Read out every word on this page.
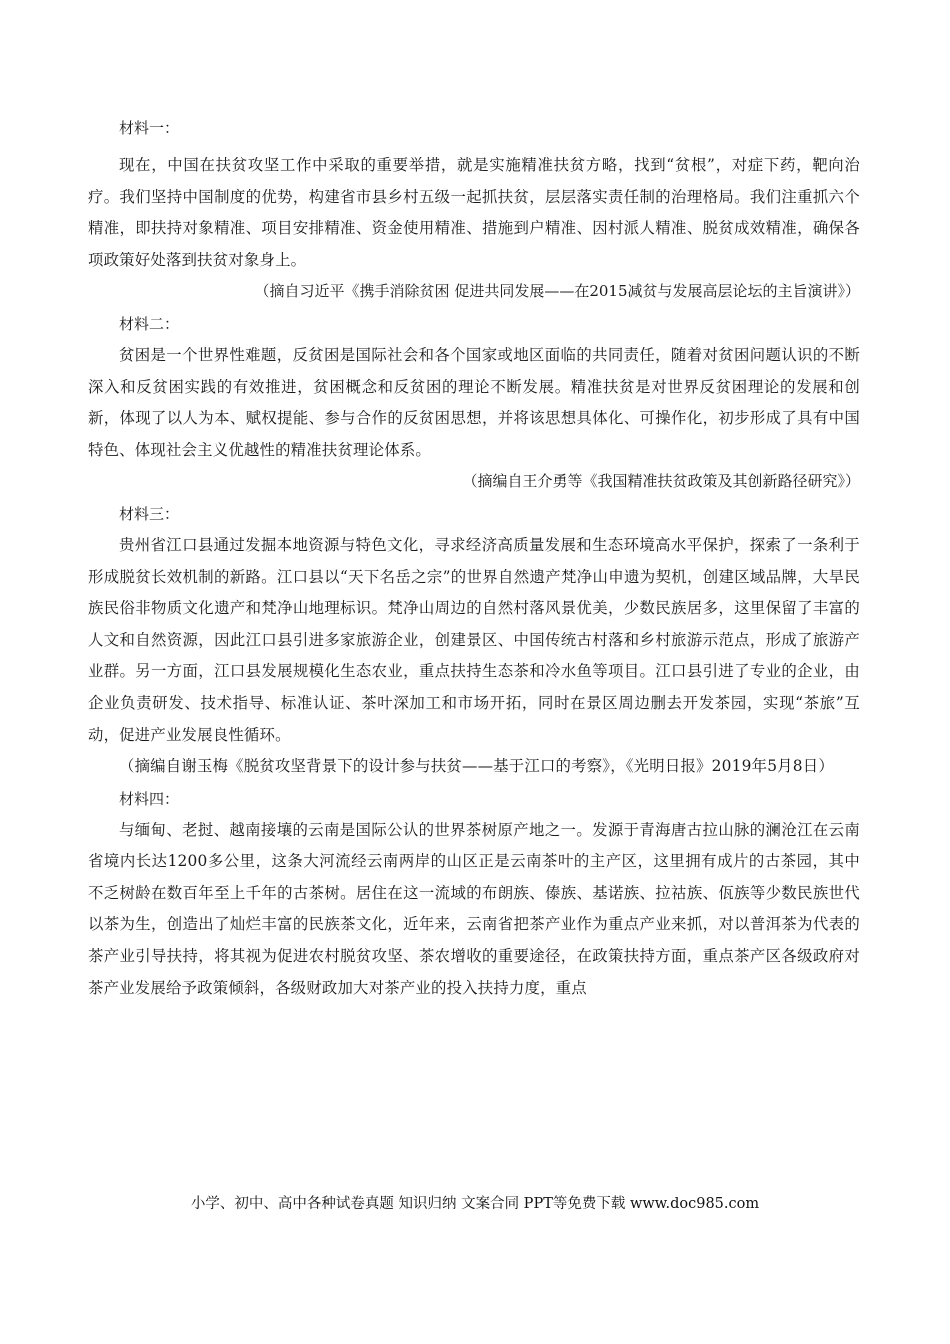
材料一：

现在，中国在扶贫攻坚工作中采取的重要举措，就是实施精准扶贫方略，找到“贫根”，对症下药，靶向治疗。我们坚持中国制度的优势，构建省市县乡村五级一起抓扶贫，层层落实责任制的治理格局。我们注重抓六个精准，即扶持对象精准、项目安排精准、资金使用精准、措施到户精准、因村派人精准、脱贫成效精准，确保各项政策好处落到扶贫对象身上。

（摘自习近平《携手消除贫困 促进共同发展——在2015减贫与发展高层论坛的主旨演讲》）

材料二：

贫困是一个世界性难题，反贫困是国际社会和各个国家或地区面临的共同责任，随着对贫困问题认识的不断深入和反贫困实践的有效推进，贫困概念和反贫困的理论不断发展。精准扶贫是对世界反贫困理论的发展和创新，体现了以人为本、赋权提能、参与合作的反贫困思想，并将该思想具体化、可操作化，初步形成了具有中国特色、体现社会主义优越性的精准扶贫理论体系。

（摘编自王介勇等《我国精准扶贫政策及其创新路径研究》）

材料三：

贵州省江口县通过发掘本地资源与特色文化，寻求经济高质量发展和生态环境高水平保护，探索了一条利于形成脱贫长效机制的新路。江口县以“天下名岳之宗”的世界自然遗产梵净山申遗为契机，创建区域品牌，大旱民族民俗非物质文化遗产和梵净山地理标识。梵净山周边的自然村落风景优美，少数民族居多，这里保留了丰富的人文和自然资源，因此江口县引进多家旅游企业，创建景区、中国传统古村落和乡村旅游示范点，形成了旅游产业群。另一方面，江口县发展规模化生态农业，重点扶持生态茶和冷水鱼等项目。江口县引进了专业的企业，由企业负责研发、技术指导、标准认证、茶叶深加工和市场开拓，同时在景区周边删去开发茶园，实现“茶旅”互动，促进产业发展良性循环。

（摘编自谢玉梅《脱贫攻坚背景下的设计参与扶贫——基于江口的考察》，《光明日报》2019年5月8日）

材料四：

与缅甸、老挝、越南接壤的云南是国际公认的世界茶树原产地之一。发源于青海唐古拉山脉的澜沧江在云南省境内长达1200多公里，这条大河流经云南两岸的山区正是云南茶叶的主产区，这里拥有成片的古茶园，其中不乏树龄在数百年至上千年的古茶树。居住在这一流域的布朗族、傣族、基诺族、拉祜族、佤族等少数民族世代以茶为生，创造出了灿烂丰富的民族茶文化，近年来，云南省把茶产业作为重点产业来抓，对以普洱茶为代表的茶产业引导扶持，将其视为促进农村脱贫攻坚、茶农增收的重要途径，在政策扶持方面，重点茶产区各级政府对茶产业发展给予政策倾斜，各级财政加大对茶产业的投入扶持力度，重点

小学、初中、高中各种试卷真题 知识归纳 文案合同 PPT等免费下载 www.doc985.com
